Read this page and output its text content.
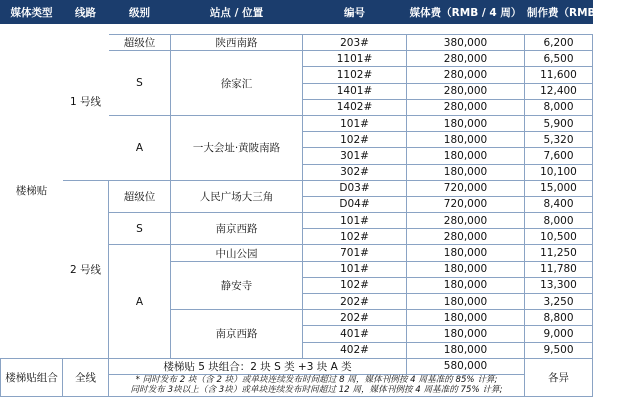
媒体类型	线路	级别	站点 / 位置	编号	媒体费（RMB / 4 周）	制作费（RMB / 次）
楼梯贴	1 号线					
		超级位	陕西南路	203#	380,000	6,200
		S	徐家汇	1101#	280,000	6,500
				1102#	280,000	11,600
				1401#	280,000	12,400
				1402#	280,000	8,000
		A	一大会址·黄陂南路	101#	180,000	5,900
				102#	180,000	5,320
				301#	180,000	7,600
				302#	180,000	10,100
	2 号线	超级位	人民广场大三角	D03#	720,000	15,000
				D04#	720,000	8,400
		S	南京西路	101#	280,000	8,000
				102#	280,000	10,500
		A	中山公园	701#	180,000	11,250
			静安寺	101#	180,000	11,780
				102#	180,000	13,300
				202#	180,000	3,250
			南京西路	202#	180,000	8,800
				401#	180,000	9,000
				402#	180,000	9,500
楼梯贴组合	全线	楼梯贴 5 块组合：2 块 S 类 +3 块 A 类			580,000	各异

		* 同时发布 2 块（含 2 块）或单块连续发布时间超过 8 周，媒体刊例按 4 周基准的 85% 计算;
同时发布 3块以上（含 3块）或单块连续发布时间超过 12 周，媒体刊例按 4 周基准的 75% 计算;				
